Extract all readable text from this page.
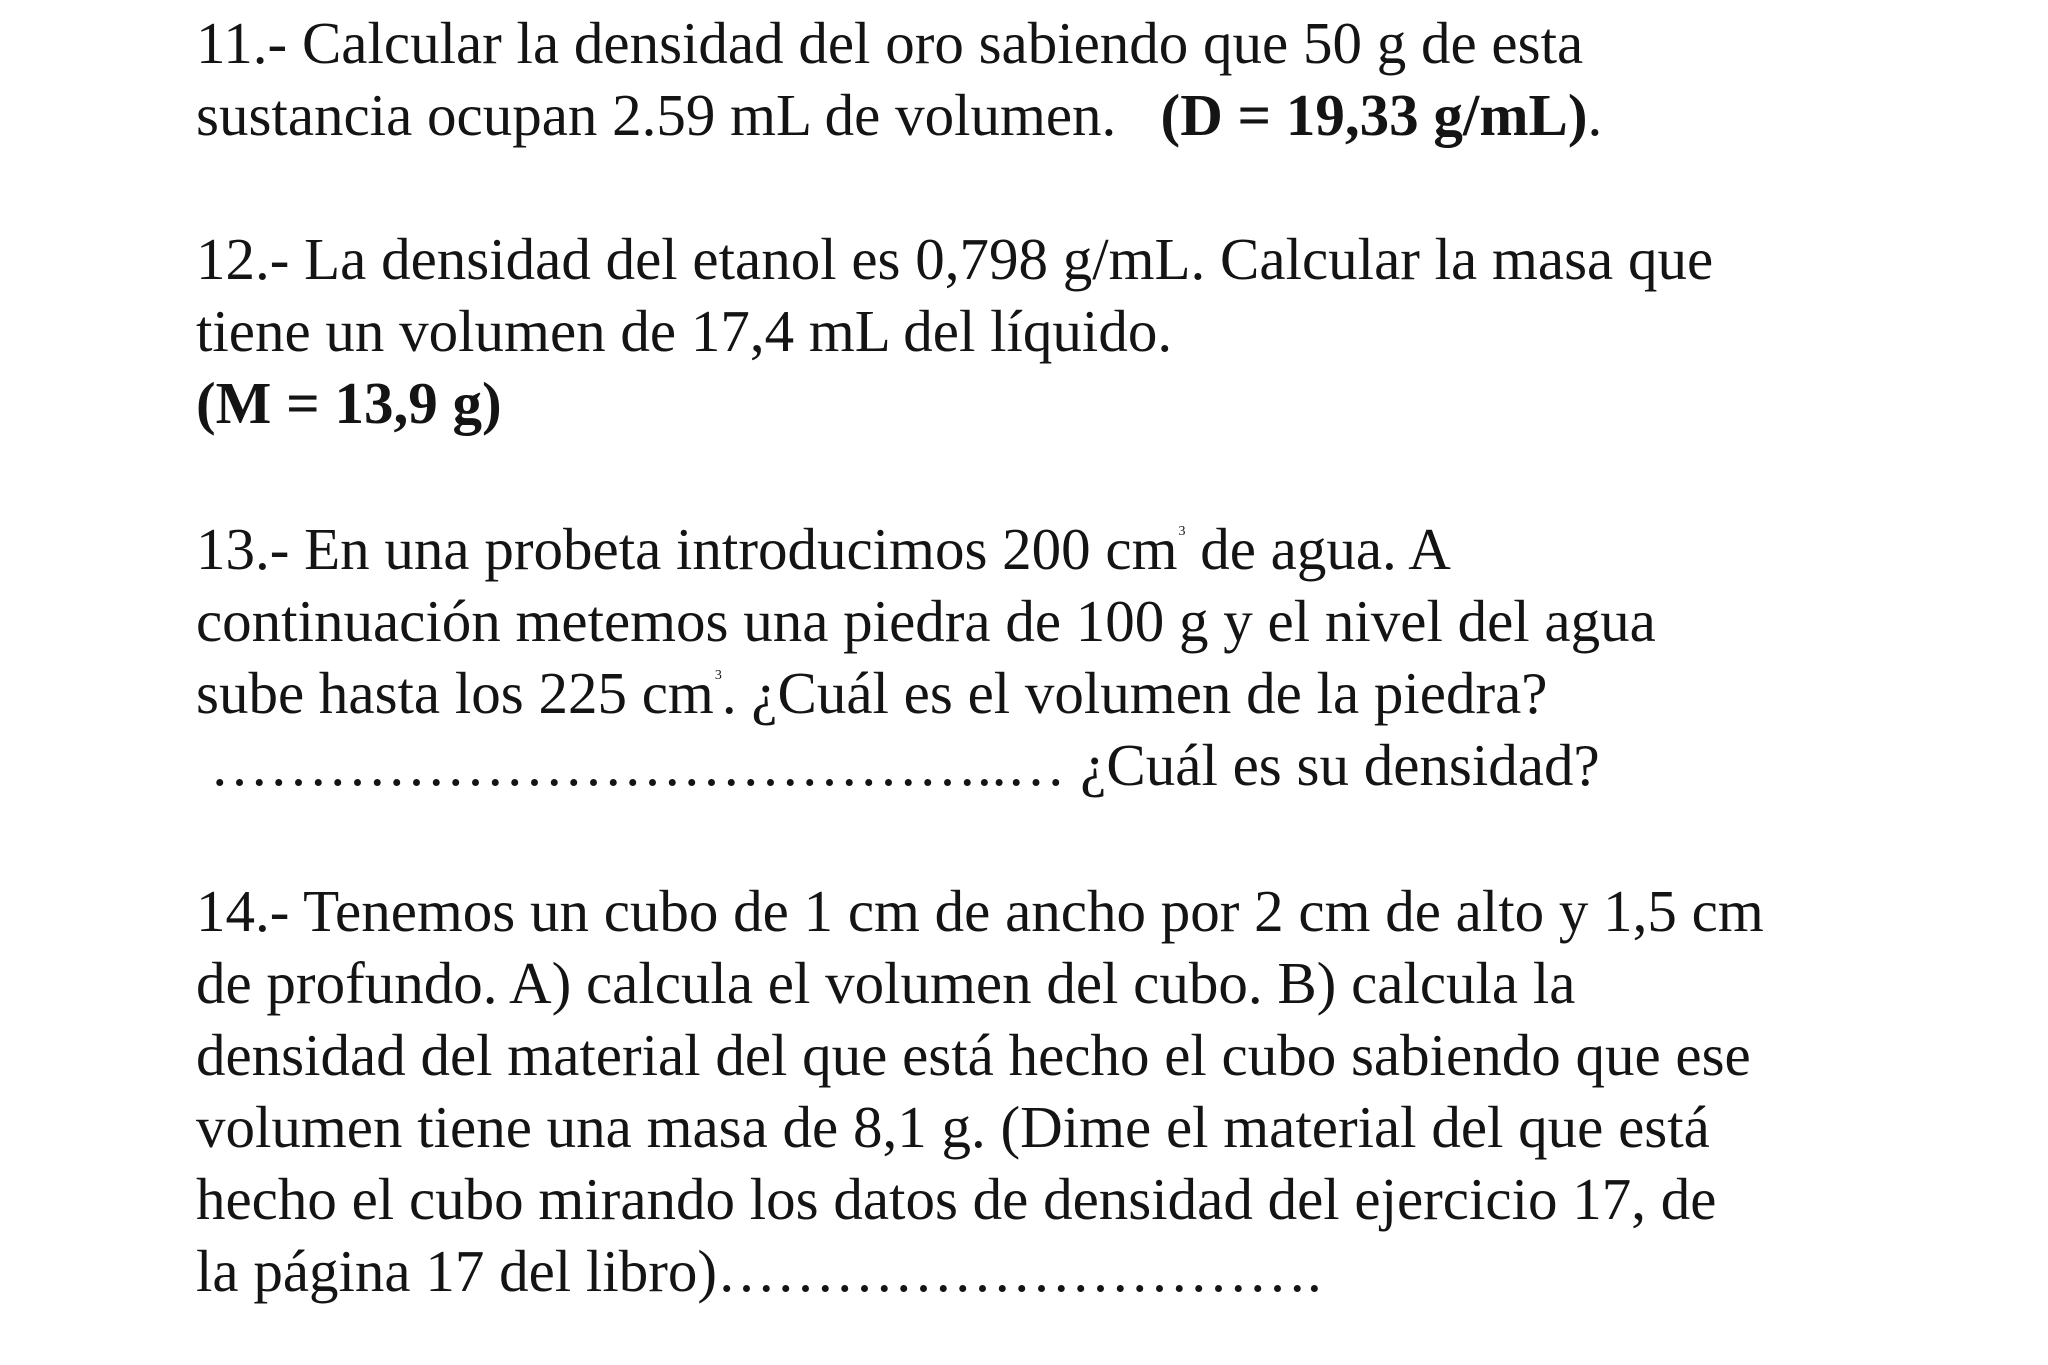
11.- Calcular la densidad del oro sabiendo que 50 g de esta
sustancia ocupan 2.59 mL de volumen. (D = 19,33 g/mL).
12.- La densidad del etanol es 0,798 g/mL. Calcular la masa que
tiene un volumen de 17,4 mL del líquido.
(M = 13,9 g)
13.- En una probeta introducimos 200 $cm^3$ de agua. A
continuación metemos una piedra de 100 g y el nivel del agua
sube hasta los 225 $cm^3$. ¿Cuál es el volumen de la piedra?
…………………………………..… ¿Cuál es su densidad?
14.- Tenemos un cubo de 1 cm de ancho por 2 cm de alto y 1,5 cm
de profundo. A) calcula el volumen del cubo. B) calcula la
densidad del material del que está hecho el cubo sabiendo que ese
volumen tiene una masa de 8,1 g. (Dime el material del que está
hecho el cubo mirando los datos de densidad del ejercicio 17, de
la página 17 del libro)………………………….
